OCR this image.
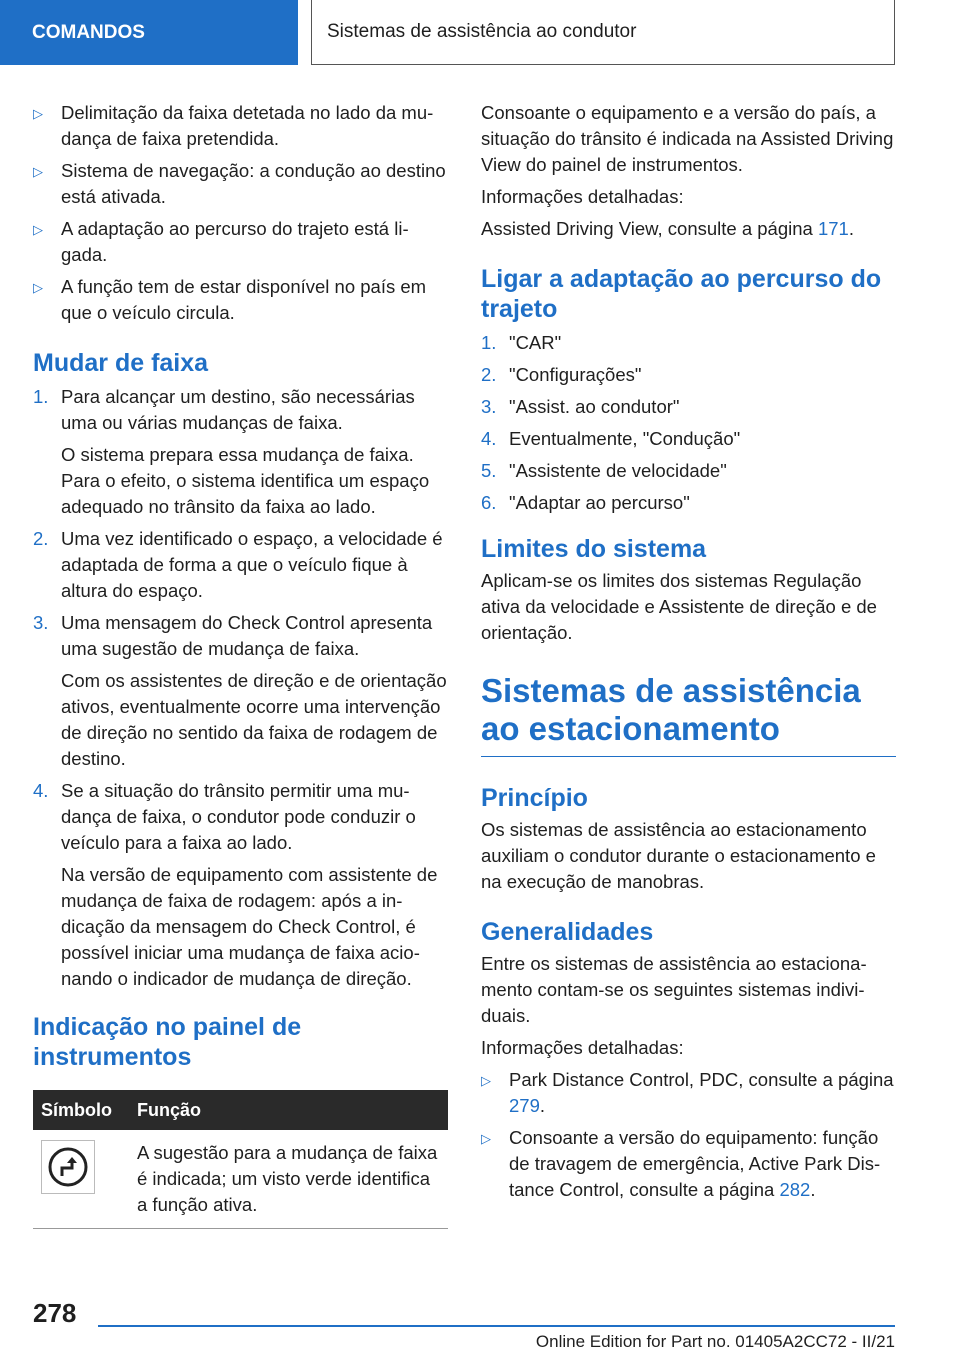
COMANDOS	Sistemas de assistência ao condutor
▷ Delimitação da faixa detetada no lado da mudança de faixa pretendida.
▷ Sistema de navegação: a condução ao destino está ativada.
▷ A adaptação ao percurso do trajeto está ligada.
▷ A função tem de estar disponível no país em que o veículo circula.
Mudar de faixa
1. Para alcançar um destino, são necessárias uma ou várias mudanças de faixa.
O sistema prepara essa mudança de faixa. Para o efeito, o sistema identifica um espaço adequado no trânsito da faixa ao lado.
2. Uma vez identificado o espaço, a velocidade é adaptada de forma a que o veículo fique à altura do espaço.
3. Uma mensagem do Check Control apresenta uma sugestão de mudança de faixa.
Com os assistentes de direção e de orientação ativos, eventualmente ocorre uma intervenção de direção no sentido da faixa de rodagem de destino.
4. Se a situação do trânsito permitir uma mudança de faixa, o condutor pode conduzir o veículo para a faixa ao lado.
Na versão de equipamento com assistente de mudança de faixa de rodagem: após a indicação da mensagem do Check Control, é possível iniciar uma mudança de faixa acionando o indicador de mudança de direção.
Indicação no painel de instrumentos
Símbolo	Função

	A sugestão para a mudança de faixa é indicada; um visto verde identifica a função ativa.

Consoante o equipamento e a versão do país, a situação do trânsito é indicada na Assisted Driving View do painel de instrumentos.

Informações detalhadas:

Assisted Driving View, consulte a página 171.

Ligar a adaptação ao percurso do trajeto
1. "CAR"
2. "Configurações"
3. "Assist. ao condutor"
4. Eventualmente, "Condução"
5. "Assistente de velocidade"
6. "Adaptar ao percurso"
Limites do sistema

Aplicam-se os limites dos sistemas Regulação ativa da velocidade e Assistente de direção e de orientação.

Sistemas de assistência ao estacionamento
Princípio

Os sistemas de assistência ao estacionamento auxiliam o condutor durante o estacionamento e na execução de manobras.

Generalidades

Entre os sistemas de assistência ao estacionamento contam-se os seguintes sistemas individuais.

Informações detalhadas:

▷ Park Distance Control, PDC, consulte a página 279.
▷ Consoante a versão do equipamento: função de travagem de emergência, Active Park Distance Control, consulte a página 282.
278
Online Edition for Part no. 01405A2CC72 - II/21
